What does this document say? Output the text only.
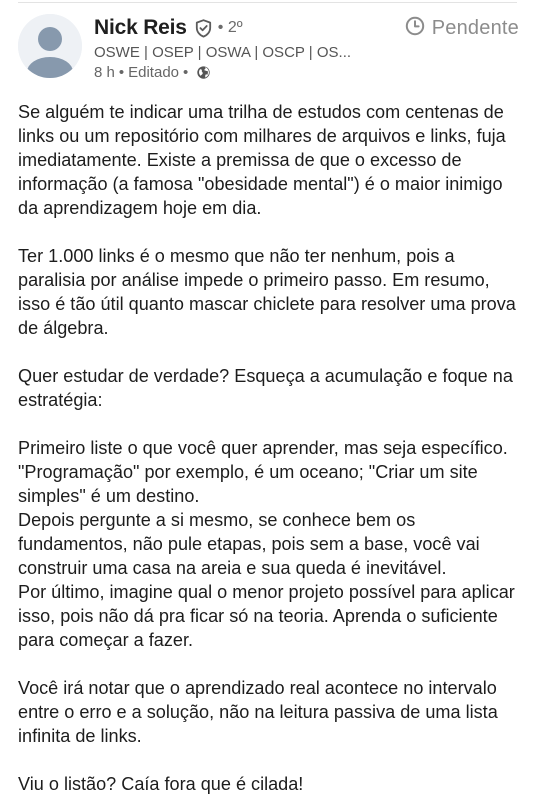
Nick Reis • 2º
OSWE | OSEP | OSWA | OSCP | OS...
8 h • Editado •
Pendente

Se alguém te indicar uma trilha de estudos com centenas de links ou um repositório com milhares de arquivos e links, fuja imediatamente. Existe a premissa de que o excesso de informação (a famosa "obesidade mental") é o maior inimigo da aprendizagem hoje em dia.

Ter 1.000 links é o mesmo que não ter nenhum, pois a paralisia por análise impede o primeiro passo. Em resumo, isso é tão útil quanto mascar chiclete para resolver uma prova de álgebra.

Quer estudar de verdade? Esqueça a acumulação e foque na estratégia:

Primeiro liste o que você quer aprender, mas seja específico. "Programação" por exemplo, é um oceano; "Criar um site simples" é um destino.

Depois pergunte a si mesmo, se conhece bem os fundamentos, não pule etapas, pois sem a base, você vai construir uma casa na areia e sua queda é inevitável.

Por último, imagine qual o menor projeto possível para aplicar isso, pois não dá pra ficar só na teoria. Aprenda o suficiente para começar a fazer.

Você irá notar que o aprendizado real acontece no intervalo entre o erro e a solução, não na leitura passiva de uma lista infinita de links.

Viu o listão? Caía fora que é cilada!
